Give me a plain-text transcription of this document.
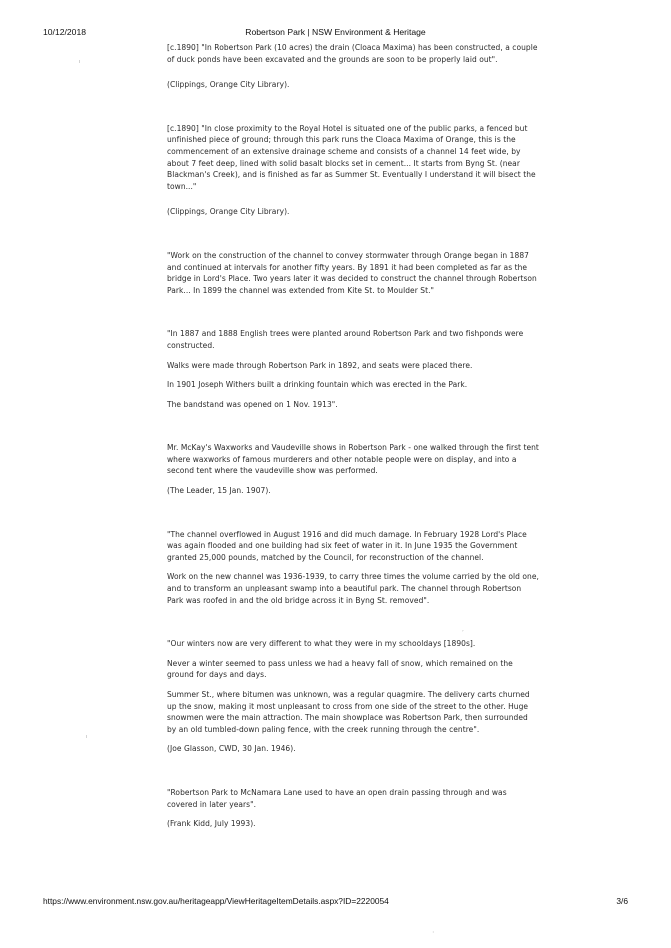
10/12/2018	Robertson Park | NSW Environment & Heritage

[c.1890] "In Robertson Park (10 acres) the drain (Cloaca Maxima) has been constructed, a couple of duck ponds have been excavated and the grounds are soon to be properly laid out".

(Clippings, Orange City Library).

[c.1890] "In close proximity to the Royal Hotel is situated one of the public parks, a fenced but unfinished piece of ground; through this park runs the Cloaca Maxima of Orange, this is the commencement of an extensive drainage scheme and consists of a channel 14 feet wide, by about 7 feet deep, lined with solid basalt blocks set in cement... It starts from Byng St. (near Blackman's Creek), and is finished as far as Summer St. Eventually I understand it will bisect the town..."

(Clippings, Orange City Library).

"Work on the construction of the channel to convey stormwater through Orange began in 1887 and continued at intervals for another fifty years. By 1891 it had been completed as far as the bridge in Lord's Place. Two years later it was decided to construct the channel through Robertson Park... In 1899 the channel was extended from Kite St. to Moulder St."

"In 1887 and 1888 English trees were planted around Robertson Park and two fishponds were constructed.

Walks were made through Robertson Park in 1892, and seats were placed there.

In 1901 Joseph Withers built a drinking fountain which was erected in the Park.

The bandstand was opened on 1 Nov. 1913".

Mr. McKay's Waxworks and Vaudeville shows in Robertson Park - one walked through the first tent where waxworks of famous murderers and other notable people were on display, and into a second tent where the vaudeville show was performed.

(The Leader, 15 Jan. 1907).

"The channel overflowed in August 1916 and did much damage. In February 1928 Lord's Place was again flooded and one building had six feet of water in it. In June 1935 the Government granted 25,000 pounds, matched by the Council, for reconstruction of the channel.

Work on the new channel was 1936-1939, to carry three times the volume carried by the old one, and to transform an unpleasant swamp into a beautiful park. The channel through Robertson Park was roofed in and the old bridge across it in Byng St. removed".

"Our winters now are very different to what they were in my schooldays [1890s].

Never a winter seemed to pass unless we had a heavy fall of snow, which remained on the ground for days and days.

Summer St., where bitumen was unknown, was a regular quagmire. The delivery carts churned up the snow, making it most unpleasant to cross from one side of the street to the other. Huge snowmen were the main attraction. The main showplace was Robertson Park, then surrounded by an old tumbled-down paling fence, with the creek running through the centre".

(Joe Glasson, CWD, 30 Jan. 1946).

"Robertson Park to McNamara Lane used to have an open drain passing through and was covered in later years".

(Frank Kidd, July 1993).

https://www.environment.nsw.gov.au/heritageapp/ViewHeritageItemDetails.aspx?ID=2220054	3/6
′
·
